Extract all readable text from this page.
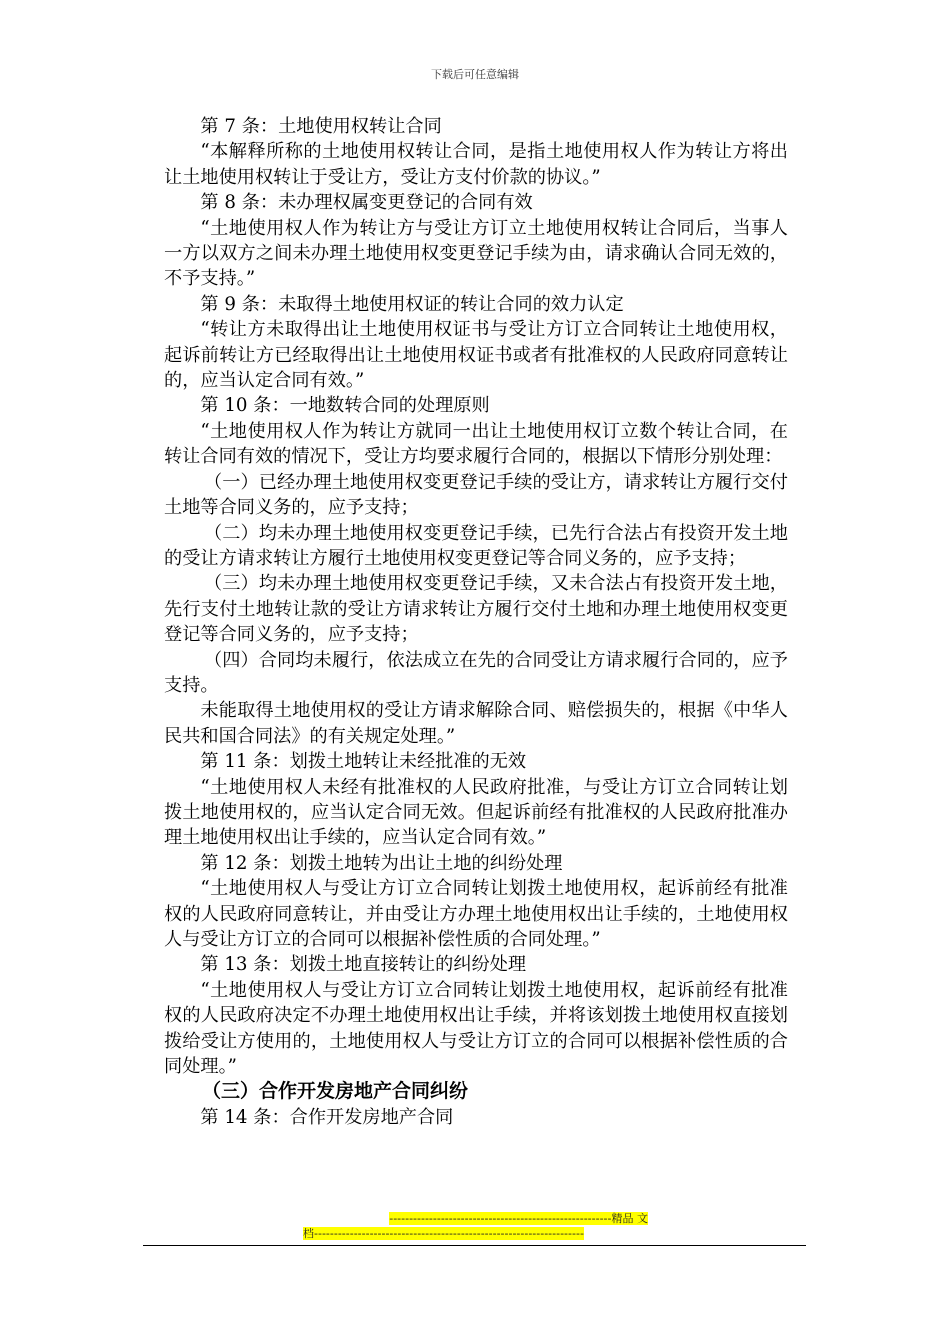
下载后可任意编辑

第 7 条：土地使用权转让合同

“本解释所称的土地使用权转让合同，是指土地使用权人作为转让方将出让土地使用权转让于受让方，受让方支付价款的协议。”

第 8 条：未办理权属变更登记的合同有效

“土地使用权人作为转让方与受让方订立土地使用权转让合同后，当事人一方以双方之间未办理土地使用权变更登记手续为由，请求确认合同无效的，不予支持。”

第 9 条：未取得土地使用权证的转让合同的效力认定

“转让方未取得出让土地使用权证书与受让方订立合同转让土地使用权，起诉前转让方已经取得出让土地使用权证书或者有批准权的人民政府同意转让的，应当认定合同有效。”

第 10 条：一地数转合同的处理原则

“土地使用权人作为转让方就同一出让土地使用权订立数个转让合同，在转让合同有效的情况下，受让方均要求履行合同的，根据以下情形分别处理：

（一）已经办理土地使用权变更登记手续的受让方，请求转让方履行交付土地等合同义务的，应予支持；

（二）均未办理土地使用权变更登记手续，已先行合法占有投资开发土地的受让方请求转让方履行土地使用权变更登记等合同义务的，应予支持；

（三）均未办理土地使用权变更登记手续，又未合法占有投资开发土地，先行支付土地转让款的受让方请求转让方履行交付土地和办理土地使用权变更登记等合同义务的，应予支持；

（四）合同均未履行，依法成立在先的合同受让方请求履行合同的，应予支持。

未能取得土地使用权的受让方请求解除合同、赔偿损失的，根据《中华人民共和国合同法》的有关规定处理。”

第 11 条：划拨土地转让未经批准的无效

“土地使用权人未经有批准权的人民政府批准，与受让方订立合同转让划拨土地使用权的，应当认定合同无效。但起诉前经有批准权的人民政府批准办理土地使用权出让手续的，应当认定合同有效。”

第 12 条：划拨土地转为出让土地的纠纷处理

“土地使用权人与受让方订立合同转让划拨土地使用权，起诉前经有批准权的人民政府同意转让，并由受让方办理土地使用权出让手续的，土地使用权人与受让方订立的合同可以根据补偿性质的合同处理。”

第 13 条：划拨土地直接转让的纠纷处理

“土地使用权人与受让方订立合同转让划拨土地使用权，起诉前经有批准权的人民政府决定不办理土地使用权出让手续，并将该划拨土地使用权直接划拨给受让方使用的，土地使用权人与受让方订立的合同可以根据补偿性质的合同处理。”

（三）合作开发房地产合同纠纷

第 14 条：合作开发房地产合同

--------------------------------------------------------精品 文
档--------------------------------------------------------------------
